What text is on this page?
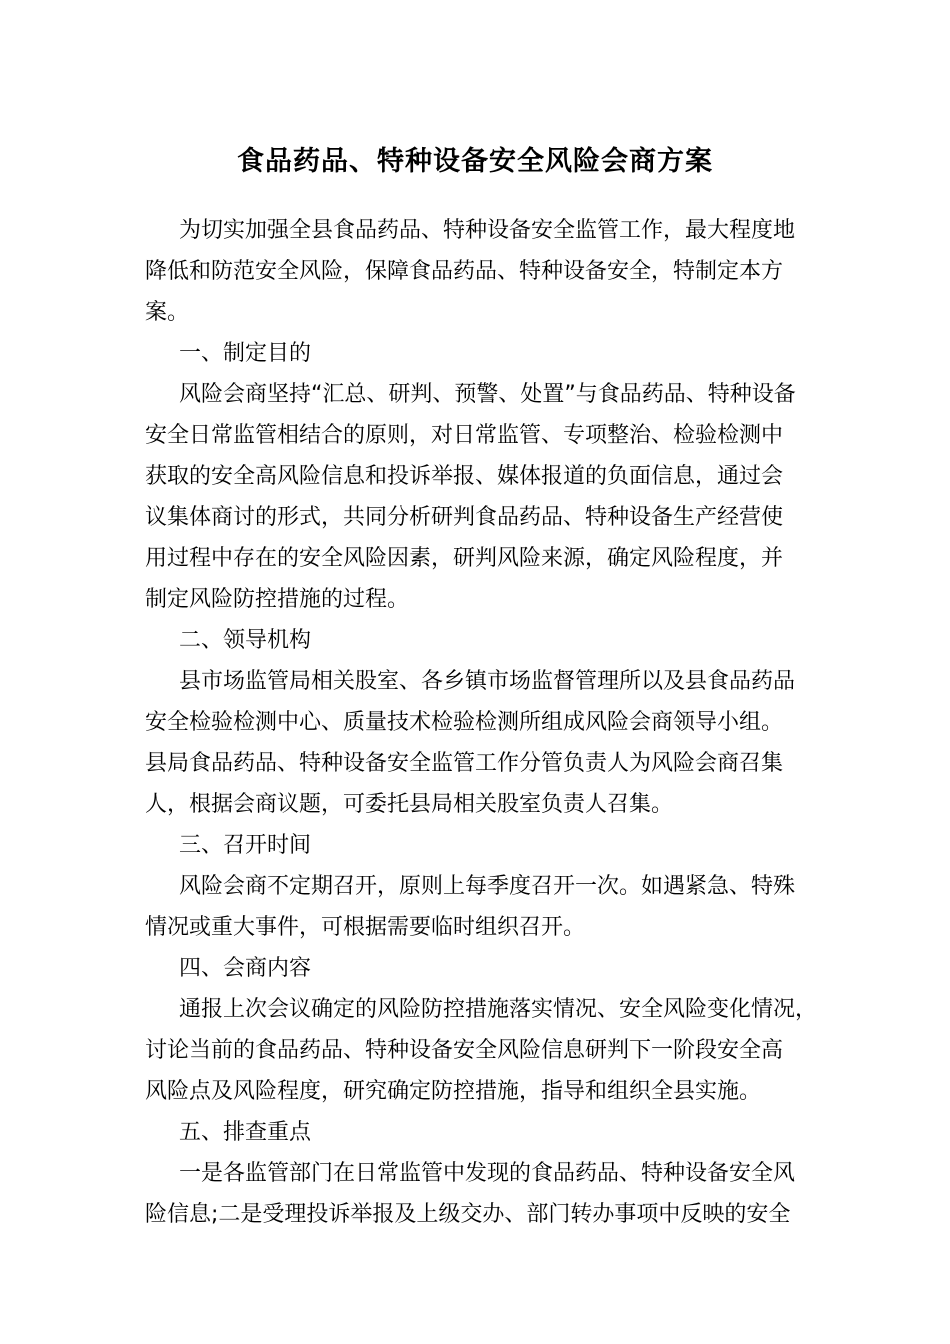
食品药品、特种设备安全风险会商方案
为切实加强全县食品药品、特种设备安全监管工作，最大程度地
降低和防范安全风险，保障食品药品、特种设备安全，特制定本方
案。
一、制定目的
风险会商坚持“汇总、研判、预警、处置”与食品药品、特种设备
安全日常监管相结合的原则，对日常监管、专项整治、检验检测中
获取的安全高风险信息和投诉举报、媒体报道的负面信息，通过会
议集体商讨的形式，共同分析研判食品药品、特种设备生产经营使
用过程中存在的安全风险因素，研判风险来源，确定风险程度，并
制定风险防控措施的过程。
二、领导机构
县市场监管局相关股室、各乡镇市场监督管理所以及县食品药品
安全检验检测中心、质量技术检验检测所组成风险会商领导小组。
县局食品药品、特种设备安全监管工作分管负责人为风险会商召集
人，根据会商议题，可委托县局相关股室负责人召集。
三、召开时间
风险会商不定期召开，原则上每季度召开一次。如遇紧急、特殊
情况或重大事件，可根据需要临时组织召开。
四、会商内容
通报上次会议确定的风险防控措施落实情况、安全风险变化情况，
讨论当前的食品药品、特种设备安全风险信息研判下一阶段安全高
风险点及风险程度，研究确定防控措施，指导和组织全县实施。
五、排查重点
一是各监管部门在日常监管中发现的食品药品、特种设备安全风
险信息;二是受理投诉举报及上级交办、部门转办事项中反映的安全
